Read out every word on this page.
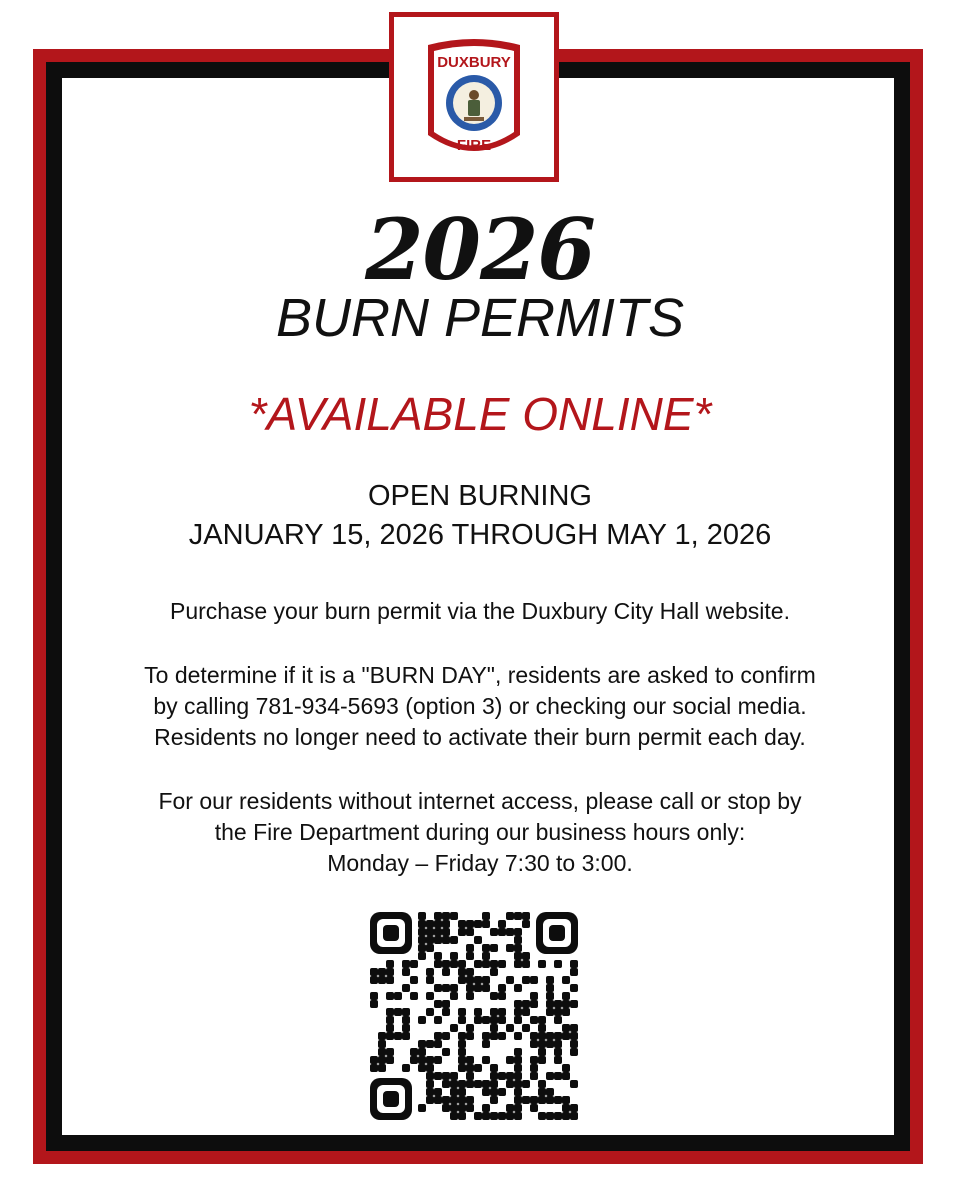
DUXBURY
FIRE
2026
BURN PERMITS
*AVAILABLE ONLINE*
OPEN BURNING
JANUARY 15, 2026 THROUGH MAY 1, 2026
Purchase your burn permit via the Duxbury City Hall website.
To determine if it is a "BURN DAY", residents are asked to confirm
by calling 781-934-5693 (option 3) or checking our social media.
Residents no longer need to activate their burn permit each day.
For our residents without internet access, please call or stop by
the Fire Department during our business hours only:
Monday – Friday 7:30 to 3:00.
